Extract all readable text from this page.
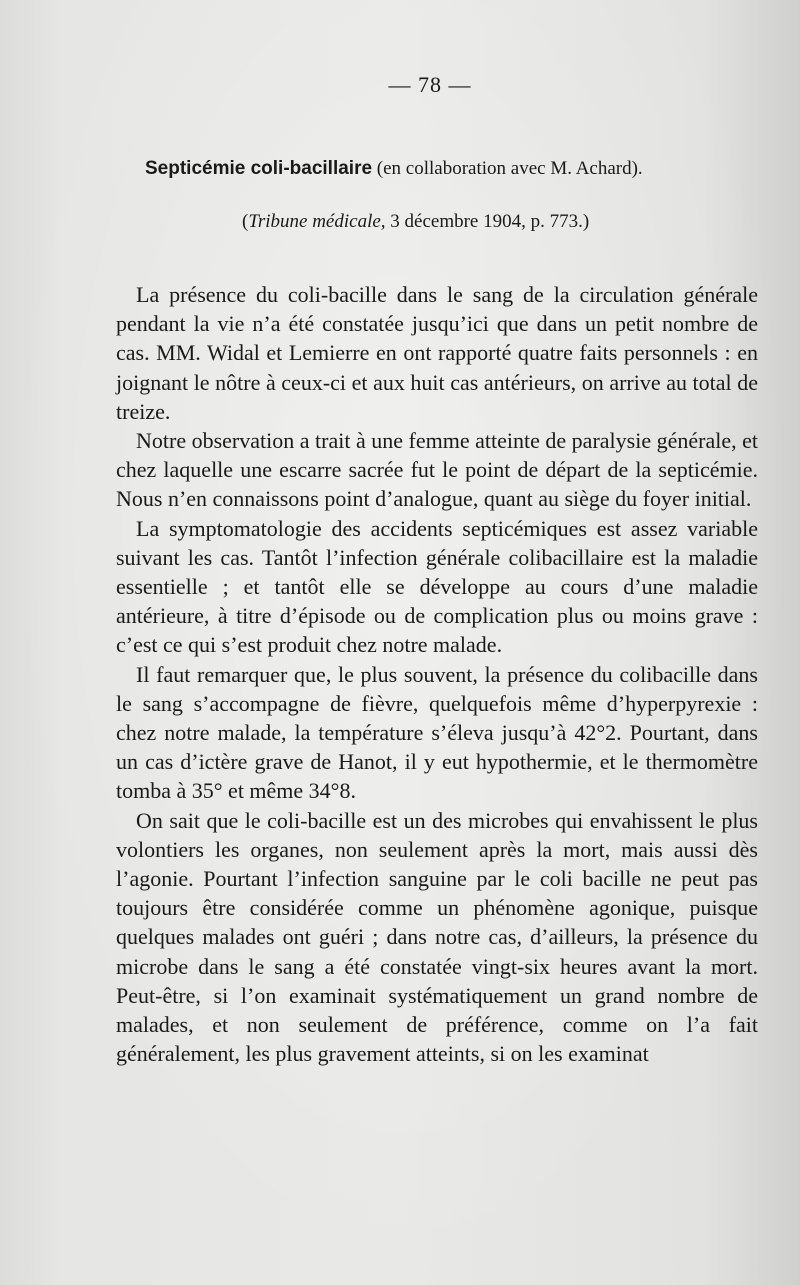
— 78 —
Septicémie coli-bacillaire (en collaboration avec M. Achard).
(Tribune médicale, 3 décembre 1904, p. 773.)

La présence du coli-bacille dans le sang de la circulation générale pendant la vie n’a été constatée jusqu’ici que dans un petit nombre de cas. MM. Widal et Lemierre en ont rapporté quatre faits personnels : en joignant le nôtre à ceux-ci et aux huit cas antérieurs, on arrive au total de treize.

Notre observation a trait à une femme atteinte de paralysie générale, et chez laquelle une escarre sacrée fut le point de départ de la septicémie. Nous n’en connaissons point d’analogue, quant au siège du foyer initial.

La symptomatologie des accidents septicémiques est assez variable suivant les cas. Tantôt l’infection générale colibacillaire est la maladie essentielle ; et tantôt elle se développe au cours d’une maladie antérieure, à titre d’épisode ou de complication plus ou moins grave : c’est ce qui s’est produit chez notre malade.

Il faut remarquer que, le plus souvent, la présence du colibacille dans le sang s’accompagne de fièvre, quelquefois même d’hyperpyrexie : chez notre malade, la température s’éleva jusqu’à 42°2. Pourtant, dans un cas d’ictère grave de Hanot, il y eut hypothermie, et le thermomètre tomba à 35° et même 34°8.

On sait que le coli-bacille est un des microbes qui envahissent le plus volontiers les organes, non seulement après la mort, mais aussi dès l’agonie. Pourtant l’infection sanguine par le coli bacille ne peut pas toujours être considérée comme un phénomène agonique, puisque quelques malades ont guéri ; dans notre cas, d’ailleurs, la présence du microbe dans le sang a été constatée vingt-six heures avant la mort. Peut-être, si l’on examinait systématiquement un grand nombre de malades, et non seulement de préférence, comme on l’a fait généralement, les plus gravement atteints, si on les examinat
